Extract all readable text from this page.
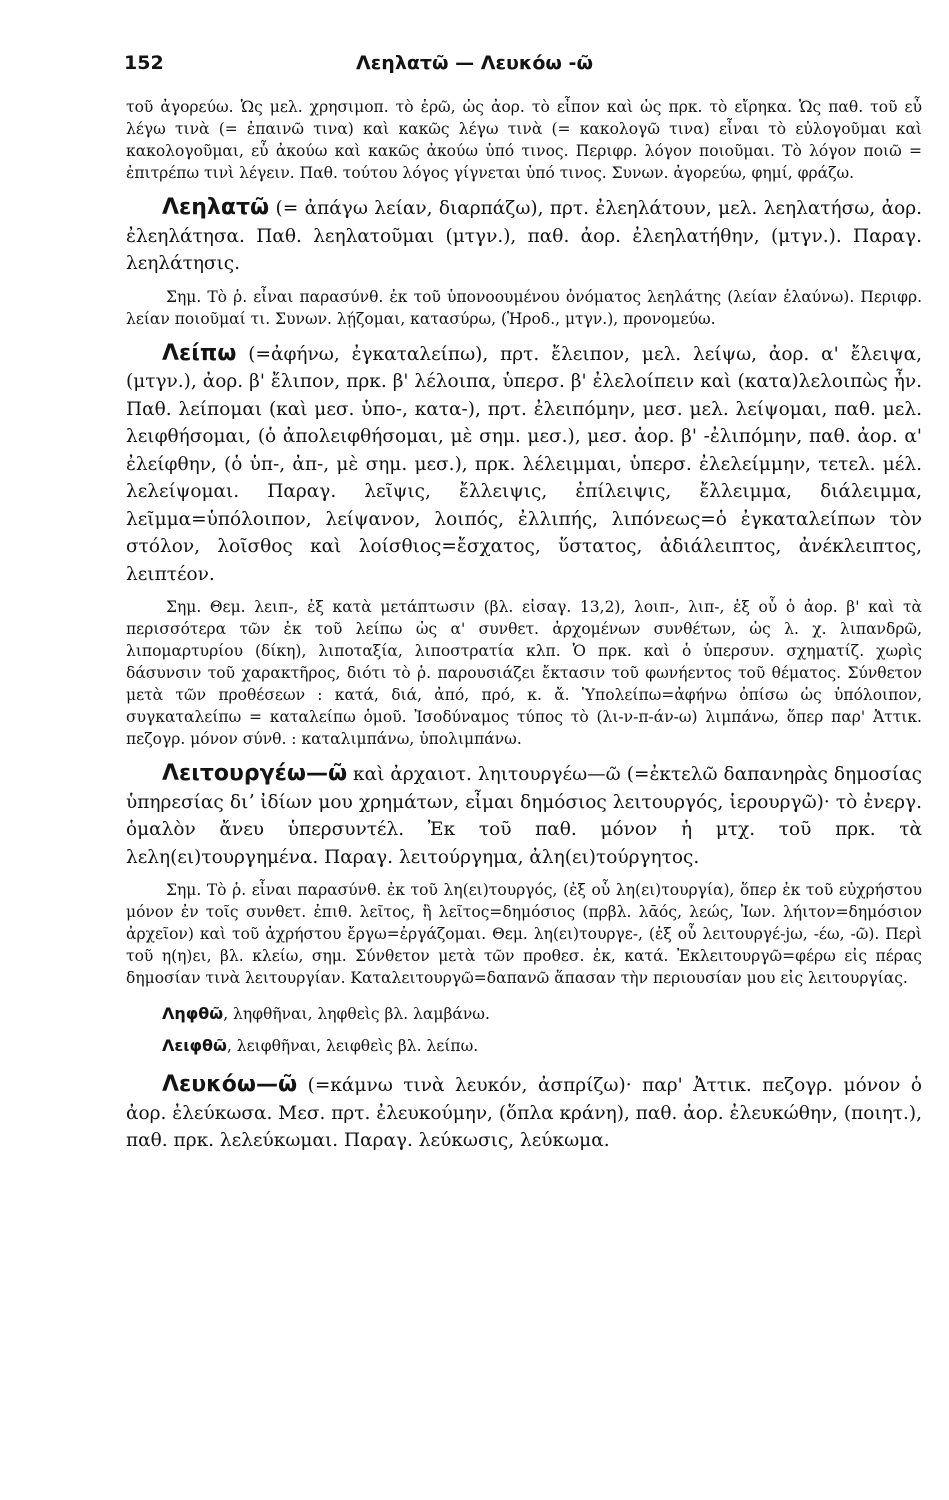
152	Λεηλατῶ — Λευκόω -ῶ

τοῦ ἀγορεύω. Ὡς μελ. χρησιμοπ. τὸ ἐρῶ, ὡς ἀορ. τὸ εἶπον καὶ ὡς πρκ. τὸ εἴρηκα. Ὡς παθ. τοῦ εὖ λέγω τινὰ (= ἐπαινῶ τινα) καὶ κακῶς λέγω τινὰ (= κακολογῶ τινα) εἶναι τὸ εὐλογοῦμαι καὶ κακολογοῦμαι, εὖ ἀκούω καὶ κακῶς ἀκούω ὑπό τινος. Περιφρ. λόγον ποιοῦμαι. Τὸ λόγον ποιῶ = ἐπιτρέπω τινὶ λέγειν. Παθ. τούτου λόγος γίγνεται ὑπό τινος. Συνων. ἀγορεύω, φημί, φράζω.

Λεηλατῶ (= ἀπάγω λείαν, διαρπάζω), πρτ. ἐλεηλάτουν, μελ. λεηλατήσω, ἀορ. ἐλεηλάτησα. Παθ. λεηλατοῦμαι (μτγν.), παθ. ἀορ. ἐλεηλατήθην, (μτγν.). Παραγ. λεηλάτησις.

Σημ. Τὸ ῥ. εἶναι παρασύνθ. ἐκ τοῦ ὑπονοουμένου ὀνόματος λεηλάτης (λείαν ἐλαύνω). Περιφρ. λείαν ποιοῦμαί τι. Συνων. λῄζομαι, κατασύρω, (Ἡροδ., μτγν.), προνομεύω.

Λείπω (=ἀφήνω, ἐγκαταλείπω), πρτ. ἔλειπον, μελ. λείψω, ἀορ. α' ἔλειψα, (μτγν.), ἀορ. β' ἔλιπον, πρκ. β' λέλοιπα, ὑπερσ. β' ἐλελοίπειν καὶ (κατα)λελοιπὼς ἦν. Παθ. λείπομαι (καὶ μεσ. ὑπο-, κατα-), πρτ. ἐλειπόμην, μεσ. μελ. λείψομαι, παθ. μελ. λειφθήσομαι, (ὁ ἀπολειφθήσομαι, μὲ σημ. μεσ.), μεσ. ἀορ. β' -ἐλιπόμην, παθ. ἀορ. α' ἐλείφθην, (ὁ ὑπ-, ἀπ-, μὲ σημ. μεσ.), πρκ. λέλειμμαι, ὑπερσ. ἐλελείμμην, τετελ. μέλ. λελείψομαι. Παραγ. λεῖψις, ἔλλειψις, ἐπίλειψις, ἔλλειμμα, διάλειμμα, λεῖμμα=ὑπόλοιπον, λείψανον, λοιπός, ἐλλιπής, λιπόνεως=ὁ ἐγκαταλείπων τὸν στόλον, λοῖσθος καὶ λοίσθιος=ἔσχατος, ὕστατος, ἀδιάλειπτος, ἀνέκλειπτος, λειπτέον.

Σημ. Θεμ. λειπ-, ἐξ κατὰ μετάπτωσιν (βλ. εἰσαγ. 13,2), λοιπ-, λιπ-, ἐξ οὗ ὁ ἀορ. β' καὶ τὰ περισσότερα τῶν ἐκ τοῦ λείπω ὡς α' συνθετ. ἀρχομένων συνθέτων, ὡς λ. χ. λιπανδρῶ, λιπομαρτυρίου (δίκη), λιποταξία, λιποστρατία κλπ. Ὁ πρκ. καὶ ὁ ὑπερσυν. σχηματίζ. χωρὶς δάσυνσιν τοῦ χαρακτῆρος, διότι τὸ ῥ. παρουσιάζει ἔκτασιν τοῦ φωνήεντος τοῦ θέματος. Σύνθετον μετὰ τῶν προθέσεων : κατά, διά, ἀπό, πρό, κ. ἄ. Ὑπολείπω=ἀφήνω ὀπίσω ὡς ὑπόλοιπον, συγκαταλείπω = καταλείπω ὁμοῦ. Ἰσοδύναμος τύπος τὸ (λι-ν-π-άν-ω) λιμπάνω, ὅπερ παρ' Ἀττικ. πεζογρ. μόνον σύνθ. : καταλιμπάνω, ὑπολιμπάνω.

Λειτουργέω—ῶ καὶ ἀρχαιοτ. ληιτουργέω—ῶ (=ἐκτελῶ δαπανηρὰς δημοσίας ὑπηρεσίας διʼ ἰδίων μου χρημάτων, εἶμαι δημόσιος λειτουργός, ἱερουργῶ)· τὸ ἐνεργ. ὁμαλὸν ἄνευ ὑπερσυντέλ. Ἐκ τοῦ παθ. μόνον ἡ μτχ. τοῦ πρκ. τὰ λελη(ει)τουργημένα. Παραγ. λειτούργημα, ἀλη(ει)τούργητος.

Σημ. Τὸ ῥ. εἶναι παρασύνθ. ἐκ τοῦ λη(ει)τουργός, (ἐξ οὗ λη(ει)τουργία), ὅπερ ἐκ τοῦ εὐχρήστου μόνον ἐν τοῖς συνθετ. ἐπιθ. λεῖτος, ἢ λεῖτος=δημόσιος (πρβλ. λᾱός, λεώς, Ἰων. λήιτον=δημόσιον ἀρχεῖον) καὶ τοῦ ἀχρήστου ἔργω=ἐργάζομαι. Θεμ. λη(ει)τουργε-, (ἐξ οὗ λειτουργέ-jω, -έω, -ῶ). Περὶ τοῦ η(η)ει, βλ. κλείω, σημ. Σύνθετον μετὰ τῶν προθεσ. ἐκ, κατά. Ἐκλειτουργῶ=φέρω εἰς πέρας δημοσίαν τινὰ λειτουργίαν. Καταλειτουργῶ=δαπανῶ ἅπασαν τὴν περιουσίαν μου εἰς λειτουργίας.

Ληφθῶ, ληφθῆναι, ληφθεὶς βλ. λαμβάνω.

Λειφθῶ, λειφθῆναι, λειφθεὶς βλ. λείπω.

Λευκόω—ῶ (=κάμνω τινὰ λευκόν, ἀσπρίζω)· παρ' Ἀττικ. πεζογρ. μόνον ὁ ἀορ. ἐλεύκωσα. Μεσ. πρτ. ἐλευκούμην, (ὅπλα κράνη), παθ. ἀορ. ἐλευκώθην, (ποιητ.), παθ. πρκ. λελεύκωμαι. Παραγ. λεύκωσις, λεύκωμα.
